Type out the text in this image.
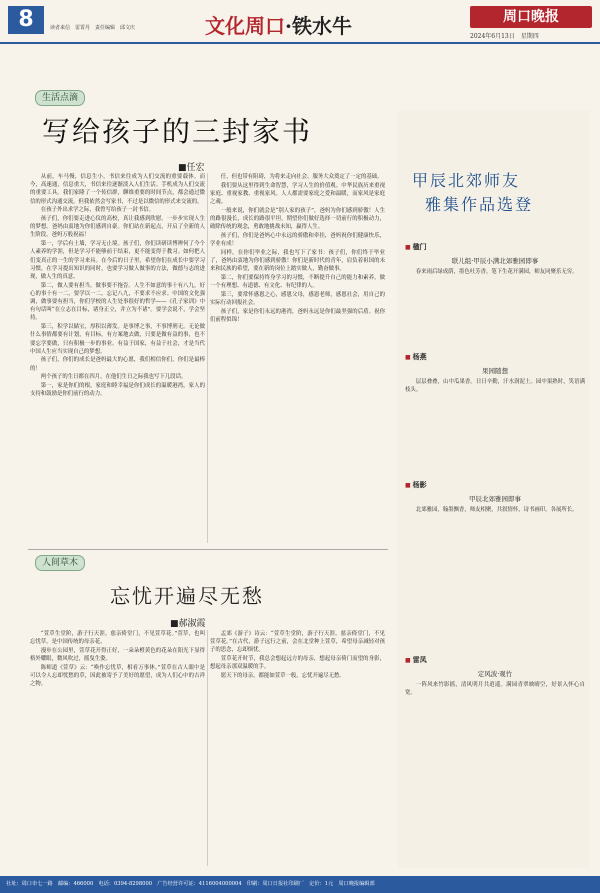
8	读者来信　雷霄丹　责任编辑　邱文庆	文化周口·铁水牛	周口晚报
2024年6月13日　星期四
生活点滴
写给孩子的三封家书
■任宏

从前，车马慢，信息生小，书信来往成为人们交流的重要载体。而今，高速通，信息重大，书信来往逐渐淡入人们生活。手机成为人们交流的重要工具。我们家隆了一个传信群，聊维重要的时间节点，都会通过微信的形式沟通交流。但我依然会写家书，不过是以微信的形式来交流的。

在孩子外出求学之际，我曾写给孩子一封书信。

孩子们，你们要走进心仪的高校，真让我感到欣慰。一步步实现人生的梦想。爸妈由衷地为你们感到自豪。你们站在新起点，开启了全新的人生阶段，爸妈万般祝福！

第一，学后有土墙，学习无止境。孩子们，你们读研读博辨何了今个人素养的学涯，但是学习不能够前于结束，更不能变得于教习。如何把人们变真正的一生的学习来具。在今后的日子里，希望你们在成长中要学习习惯，在学习提出知识的同时，也要学习做人做事的方法，做德与志的进现，做人生的真意。

第二，做人要有担当，做事要不拖沓。人生不如意的事十有八九，好心的事十有一二，要学以一二，忘记八九，不要求不应求。中国的文化强调，做事要有担当，你们学校的人生处事很好的哲学——《孔子家训》中有句话叫“在立志在目标，诸身正立，并立为不诸”。要学会说不，学会坚持。

第三，积学以储宝，厚积以薄发。是事博之事，不事博刑无。无论做什么事情都要有计划，有目标，有方案地去做，只要是做有益的事，也不要忘学要做，只有积极一步的事业。有益于国家，有益于社会，才是当代中国人生应当实现自己的梦想。

孩子们，你们的成长是爸妈最大的心愿，我们相信你们，你们是最棒的！

两个孩子的生日都在四月，在他们生日之际我也写下几段话。

第一，家是你们的根，家庭和睦幸福是你们成长的温暖港湾，家人的支持和鼓励是你们前行的动力。

任，但也带有阻碍，为将来走向社会、服务大众奠定了一定的基础。

我们要从这里得到生命智慧，学习人生的价值观。中华民族历来重视家庭、重视家教、重视家风。人人都需要家庭之爱和温暖，而家风是家庭之魂。

一般来说，你们就会是“别人家的孩子”，爸妈为你们感到骄傲！人生的路很漫长，成长的路很平坦，期望你们做好选择一切前行的积极动力，破除传统的观念，勇敢地挑战未知，赢得人生。

孩子们，你们是爸妈心中永远的骄傲和牵挂，爸妈祝你们健康快乐，学业有成！

同样，在你们毕业之际，我也写下了家书：孩子们，你们终于毕业了，爸妈由衷地为你们感到骄傲！你们是新时代的青年，肩负着祖国的未来和民族的希望，要在新的岗位上踏实做人，勤奋做事。

第二，你们要保持终身学习的习惯，不断提升自己的能力和素养，做一个有理想、有道德、有文化、有纪律的人。

第三，要常怀感恩之心，感恩父母，感恩老师，感恩社会，用自己的实际行动回报社会。

孩子们，家是你们永远的港湾，爸妈永远是你们最坚强的后盾。祝你们前程似锦！

人间草木
忘忧开遍尽无愁
■郝淑霞

“萱草生堂阶，游子行天涯。慈亲倚堂门，不见萱草花。”萱草，也叫忘忧草，是中国传统的母亲花。

漫步在公园里，萱草花开得正好，一朵朵橙黄色的花朵在阳光下显得格外耀眼，微风吹过，摇曳生姿。

陈师道《萱草》云：“唤作忘忧草，相看万事休。”萱草在古人眼中是可以令人忘却忧愁的草，因此被寄予了美好的愿望，成为人们心中的吉祥之物。

孟郊《游子》诗云：“萱草生堂阶，游子行天涯。慈亲倚堂门，不见萱草花。”在古代，游子远行之前，会在北堂种上萱草，希望母亲减轻对孩子的思念，忘却烦忧。

萱草花开时节，我总会想起远方的母亲，想起母亲倚门而望的身影，想起母亲那双温暖的手。

愿天下的母亲，都能如萱草一般，忘忧开遍尽无愁。

甲辰北郊师友
雅集作品选登
■ 楹门
联儿组·甲辰小满北郊雅园即事

春来雨后绿成荫，墨色吐芳香。笔下生花开满园，师友同聚乐无穷。

■ 杨燕
果园随想

层层叠叠，山中瓜果香。日日辛勤，汗水润泥土。园中果熟时，笑语满枝头。

■ 杨影
甲辰北郊雅园即事

北郊雅园，翰墨飘香，师友相聚，共叙情怀，诗书画印，各展所长。

■ 雷凤
定风波·观竹

一阵风来竹影摇，清风明月共逍遥。满园青翠映晴空，好景入怀心自宽。

社址：周口市七一路　邮编：466000　电话：0394-8298000　广告经营许可证：4116004000004　印刷：周口日报社印刷厂　定价：1元　周口晚报编辑部
